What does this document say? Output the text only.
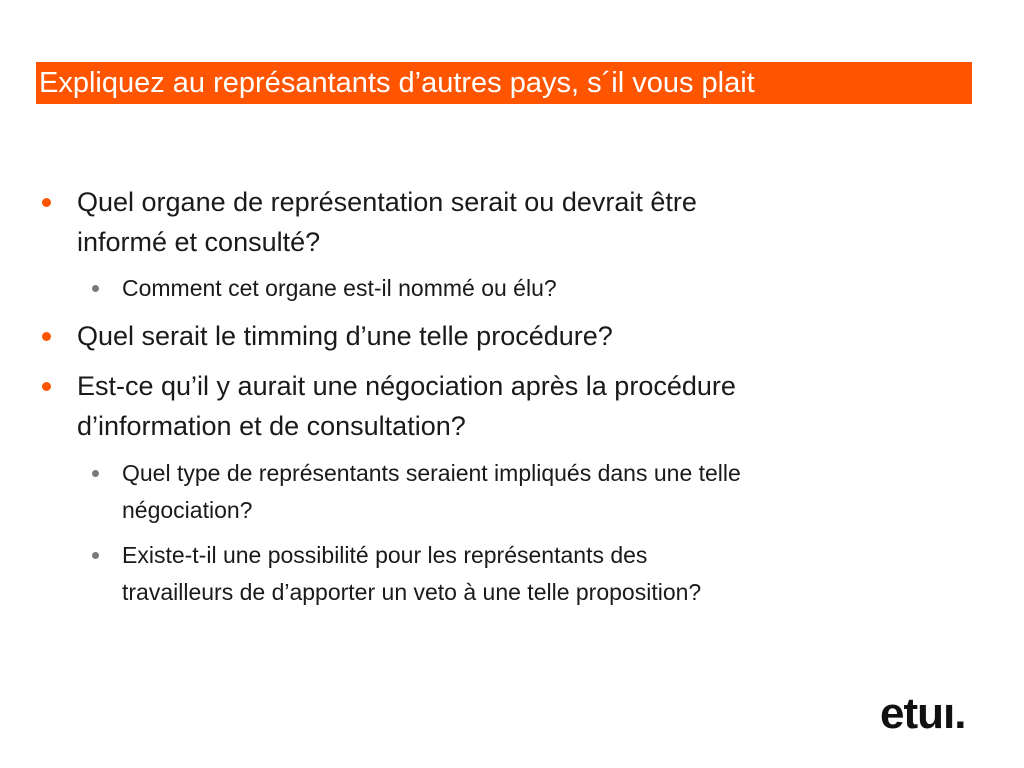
Expliquez au représantants d’autres pays, s´il vous plait
Quel organe de représentation serait ou devrait être
informé et consulté?
Comment cet organe est-il nommé ou élu?
Quel serait le timming d’une telle procédure?
Est-ce qu’il y aurait une négociation après la procédure
d’information et de consultation?
Quel type de représentants seraient impliqués dans une telle
négociation?
Existe-t-il une possibilité pour les représentants des
travailleurs de d’apporter un veto à une telle proposition?
etuı.
